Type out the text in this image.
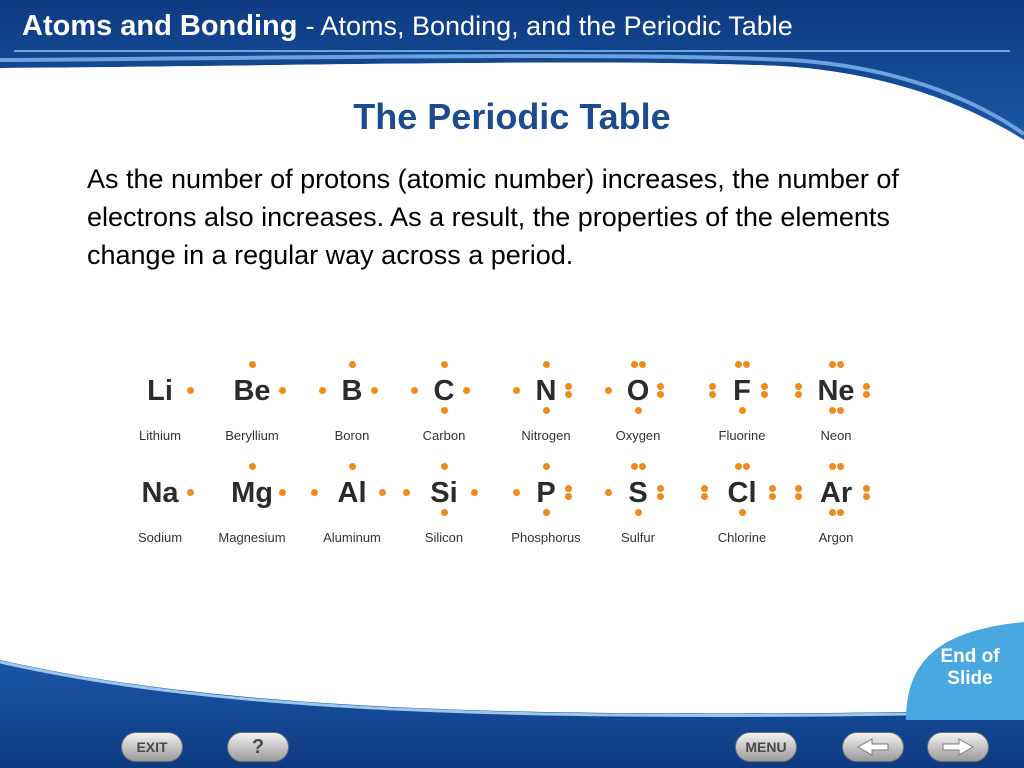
Atoms and Bonding - Atoms, Bonding, and the Periodic Table
The Periodic Table
As the number of protons (atomic number) increases, the number of electrons also increases. As a result, the properties of the elements change in a regular way across a period.
Li
Lithium
Be
Beryllium
B
Boron
C
Carbon
N
Nitrogen
O
Oxygen
F
Fluorine
Ne
Neon
Na
Sodium
Mg
Magnesium
Al
Aluminum
Si
Silicon
P
Phosphorus
S
Sulfur
Cl
Chlorine
Ar
Argon
End of
Slide
EXIT	?	MENU
